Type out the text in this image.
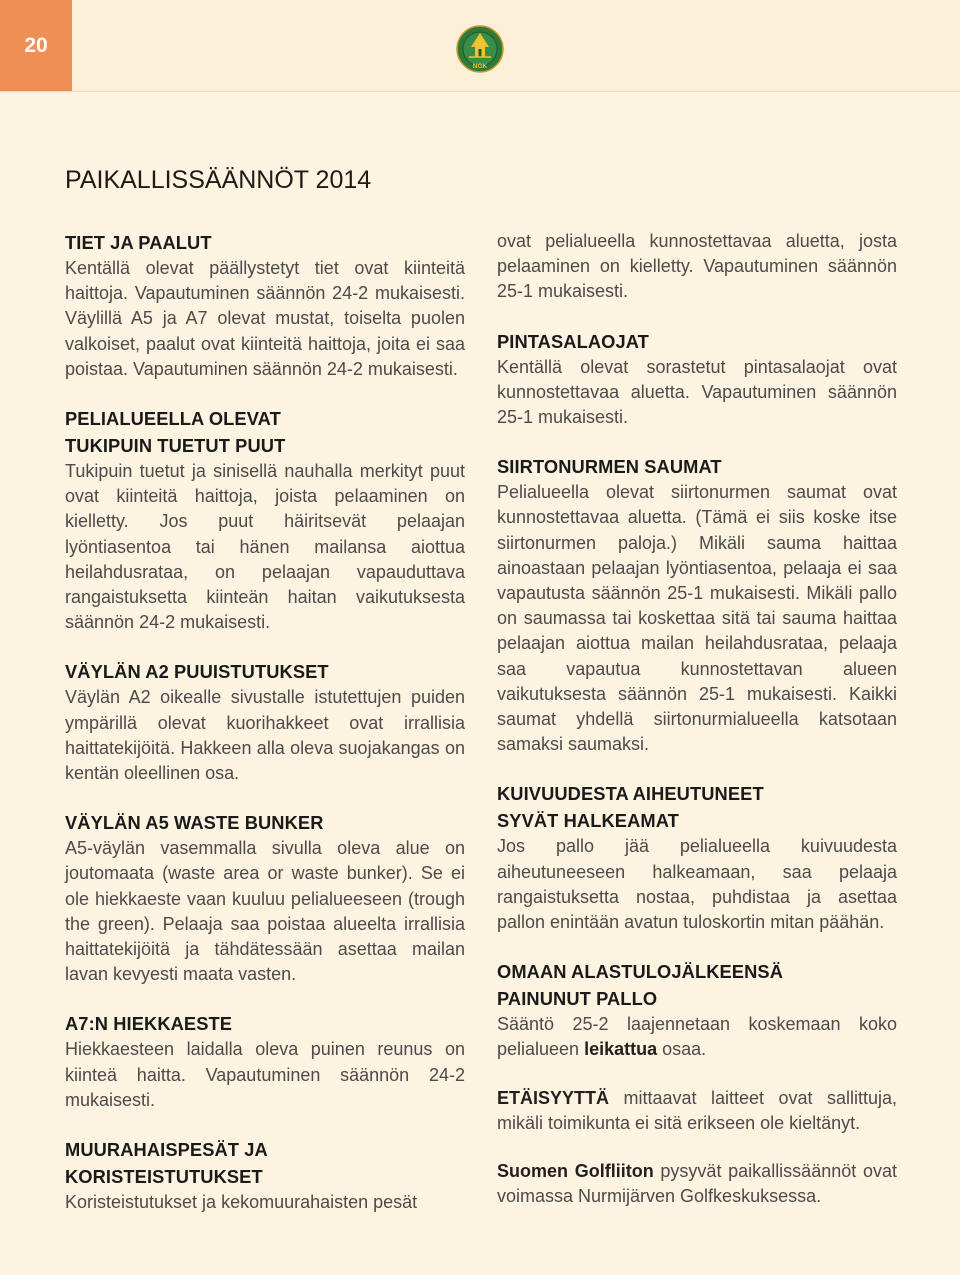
20
NGK
PAIKALLISSÄÄNNÖT 2014
TIET JA PAALUT
Kentällä olevat päällystetyt tiet ovat kiinteitä haittoja. Vapautuminen säännön 24-2 mukaisesti. Väylillä A5 ja A7 olevat mustat, toiselta puolen valkoiset, paalut ovat kiinteitä haittoja, joita ei saa poistaa. Vapautuminen säännön 24-2 mukaisesti.
PELIALUEELLA OLEVAT
TUKIPUIN TUETUT PUUT
Tukipuin tuetut ja sinisellä nauhalla merkityt puut ovat kiinteitä haittoja, joista pelaaminen on kielletty. Jos puut häiritsevät pelaajan lyöntiasentoa tai hänen mailansa aiottua heilahdusrataa, on pelaajan vapauduttava rangaistuksetta kiinteän haitan vaikutuksesta säännön 24-2 mukaisesti.
VÄYLÄN A2 PUUISTUTUKSET
Väylän A2 oikealle sivustalle istutettujen puiden ympärillä olevat kuorihakkeet ovat irrallisia haittatekijöitä. Hakkeen alla oleva suojakangas on kentän oleellinen osa.
VÄYLÄN A5 WASTE BUNKER
A5-väylän vasemmalla sivulla oleva alue on joutomaata (waste area or waste bunker). Se ei ole hiekkaeste vaan kuuluu pelialueeseen (trough the green). Pelaaja saa poistaa alueelta irrallisia haittatekijöitä ja tähdätessään asettaa mailan lavan kevyesti maata vasten.
A7:N HIEKKAESTE
Hiekkaesteen laidalla oleva puinen reunus on kiinteä haitta. Vapautuminen säännön 24-2 mukaisesti.
MUURAHAISPESÄT JA
KORISTEISTUTUKSET
Koristeistutukset ja kekomuurahaisten pesät
ovat pelialueella kunnostettavaa aluetta, josta pelaaminen on kielletty. Vapautuminen säännön 25-1 mukaisesti.
PINTASALAOJAT
Kentällä olevat sorastetut pintasalaojat ovat kunnostettavaa aluetta. Vapautuminen säännön 25-1 mukaisesti.
SIIRTONURMEN SAUMAT
Pelialueella olevat siirtonurmen saumat ovat kunnostettavaa aluetta. (Tämä ei siis koske itse siirtonurmen paloja.) Mikäli sauma haittaa ainoastaan pelaajan lyöntiasentoa, pelaaja ei saa vapautusta säännön 25-1 mukaisesti. Mikäli pallo on saumassa tai koskettaa sitä tai sauma haittaa pelaajan aiottua mailan heilahdusrataa, pelaaja saa vapautua kunnostettavan alueen vaikutuksesta säännön 25-1 mukaisesti. Kaikki saumat yhdellä siirtonurmialueella katsotaan samaksi saumaksi.
KUIVUUDESTA AIHEUTUNEET
SYVÄT HALKEAMAT
Jos pallo jää pelialueella kuivuudesta aiheutuneeseen halkeamaan, saa pelaaja rangaistuksetta nostaa, puhdistaa ja asettaa pallon enintään avatun tuloskortin mitan päähän.
OMAAN ALASTULOJÄLKEENSÄ
PAINUNUT PALLO
Sääntö 25-2 laajennetaan koskemaan koko pelialueen leikattua osaa.
ETÄISYYTTÄ mittaavat laitteet ovat sallittuja, mikäli toimikunta ei sitä erikseen ole kieltänyt.
Suomen Golfliiton pysyvät paikallissäännöt ovat voimassa Nurmijärven Golfkeskuksessa.
